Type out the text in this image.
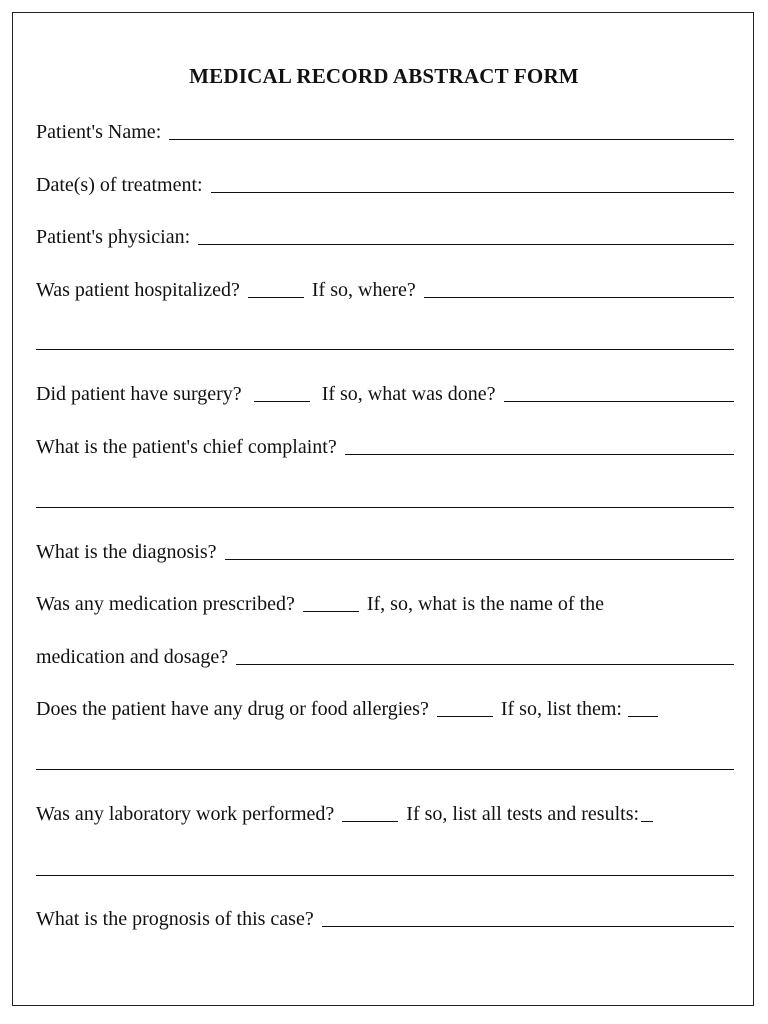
MEDICAL RECORD ABSTRACT FORM
Patient's Name:
Date(s) of treatment:
Patient's physician:
Was patient hospitalized?	If so, where?
Did patient have surgery?	If so, what was done?
What is the patient's chief complaint?
What is the diagnosis?
Was any medication prescribed?	If, so, what is the name of the
medication and dosage?
Does the patient have any drug or food allergies?	If so, list them:
Was any laboratory work performed?	If so, list all tests and results:
What is the prognosis of this case?
